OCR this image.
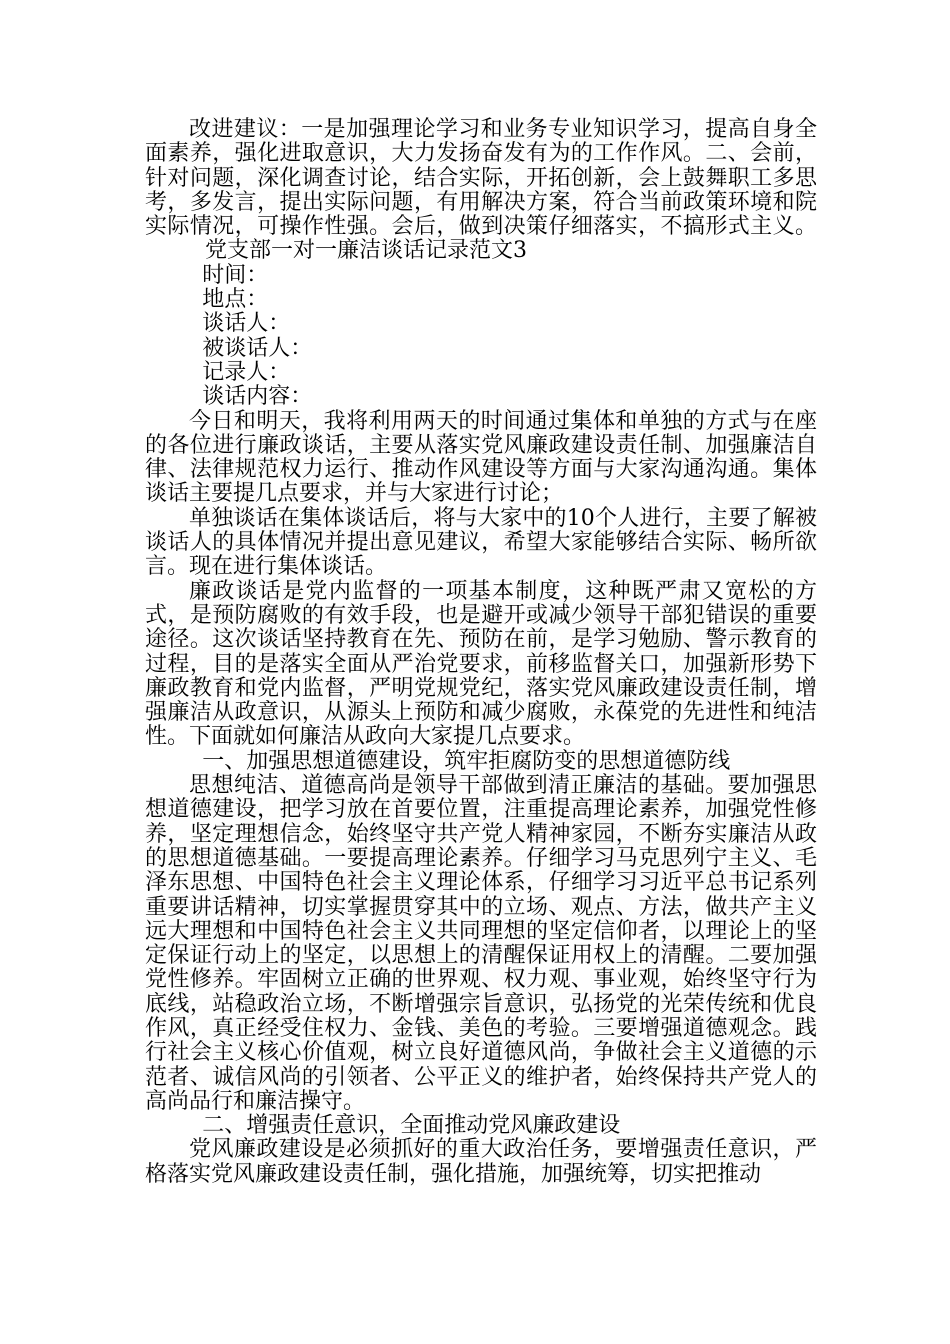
改进建议：一是加强理论学习和业务专业知识学习，提高自身全面素养，强化进取意识，大力发扬奋发有为的工作作风。二、会前，针对问题，深化调查讨论，结合实际，开拓创新，会上鼓舞职工多思考，多发言，提出实际问题，有用解决方案，符合当前政策环境和院实际情况，可操作性强。会后，做到决策仔细落实，不搞形式主义。党支部一对一廉洁谈话记录范文3

时间：

地点：

谈话人：

被谈话人：

记录人：

谈话内容：

今日和明天，我将利用两天的时间通过集体和单独的方式与在座的各位进行廉政谈话，主要从落实党风廉政建设责任制、加强廉洁自律、法律规范权力运行、推动作风建设等方面与大家沟通沟通。集体谈话主要提几点要求，并与大家进行讨论；

单独谈话在集体谈话后，将与大家中的10个人进行，主要了解被谈话人的具体情况并提出意见建议，希望大家能够结合实际、畅所欲言。现在进行集体谈话。

廉政谈话是党内监督的一项基本制度，这种既严肃又宽松的方式，是预防腐败的有效手段，也是避开或减少领导干部犯错误的重要途径。这次谈话坚持教育在先、预防在前，是学习勉励、警示教育的过程，目的是落实全面从严治党要求，前移监督关口，加强新形势下廉政教育和党内监督，严明党规党纪，落实党风廉政建设责任制，增强廉洁从政意识，从源头上预防和减少腐败，永葆党的先进性和纯洁性。下面就如何廉洁从政向大家提几点要求。

一、加强思想道德建设，筑牢拒腐防变的思想道德防线

思想纯洁、道德高尚是领导干部做到清正廉洁的基础。要加强思想道德建设，把学习放在首要位置，注重提高理论素养，加强党性修养，坚定理想信念，始终坚守共产党人精神家园，不断夯实廉洁从政的思想道德基础。一要提高理论素养。仔细学习马克思列宁主义、毛泽东思想、中国特色社会主义理论体系，仔细学习习近平总书记系列重要讲话精神，切实掌握贯穿其中的立场、观点、方法，做共产主义远大理想和中国特色社会主义共同理想的坚定信仰者，以理论上的坚定保证行动上的坚定，以思想上的清醒保证用权上的清醒。二要加强党性修养。牢固树立正确的世界观、权力观、事业观，始终坚守行为底线，站稳政治立场，不断增强宗旨意识，弘扬党的光荣传统和优良作风，真正经受住权力、金钱、美色的考验。三要增强道德观念。践行社会主义核心价值观，树立良好道德风尚，争做社会主义道德的示范者、诚信风尚的引领者、公平正义的维护者，始终保持共产党人的高尚品行和廉洁操守。

二、增强责任意识，全面推动党风廉政建设

党风廉政建设是必须抓好的重大政治任务，要增强责任意识，严格落实党风廉政建设责任制，强化措施，加强统筹，切实把推动
